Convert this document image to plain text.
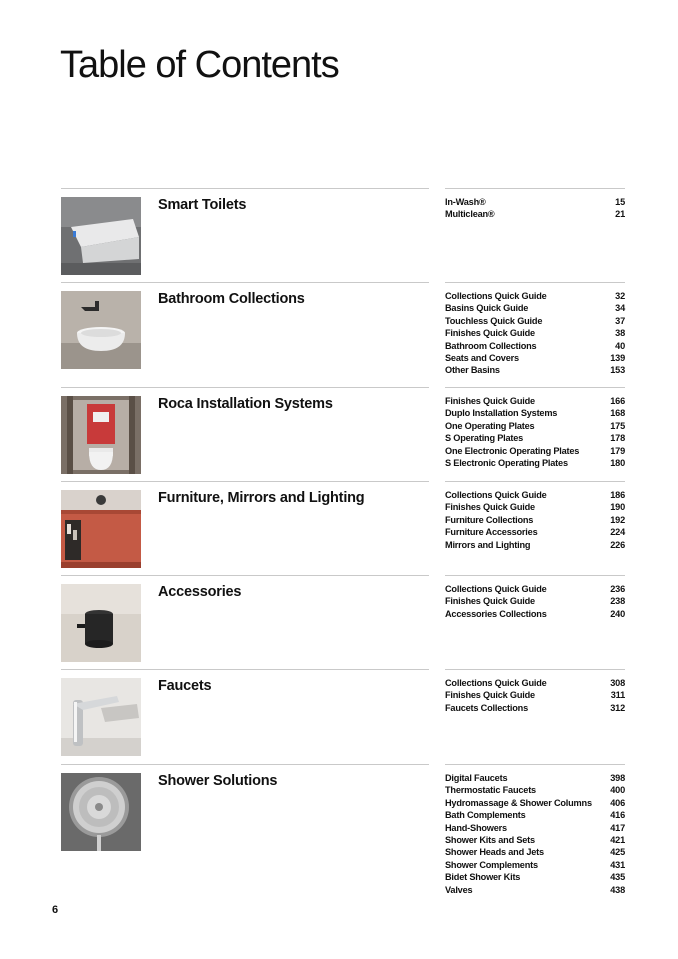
Table of Contents
Smart Toilets	In-Wash®	15
Multiclean®	21
Bathroom Collections	Collections Quick Guide	32
Basins Quick Guide	34
Touchless Quick Guide	37
Finishes Quick Guide	38
Bathroom Collections	40
Seats and Covers	139
Other Basins	153
Roca Installation Systems	Finishes Quick Guide	166
Duplo Installation Systems	168
One Operating Plates	175
S Operating Plates	178
One Electronic Operating Plates	179
S Electronic Operating Plates	180
Furniture, Mirrors and Lighting	Collections Quick Guide	186
Finishes Quick Guide	190
Furniture Collections	192
Furniture Accessories	224
Mirrors and Lighting	226
Accessories	Collections Quick Guide	236
Finishes Quick Guide	238
Accessories Collections	240
Faucets	Collections Quick Guide	308
Finishes Quick Guide	311
Faucets Collections	312
Shower Solutions	Digital Faucets	398
Thermostatic Faucets	400
Hydromassage & Shower Columns 406
Bath Complements	416
Hand-Showers	417
Shower Kits and Sets	421
Shower Heads and Jets	425
Shower Complements	431
Bidet Shower Kits	435
Valves	438
6
